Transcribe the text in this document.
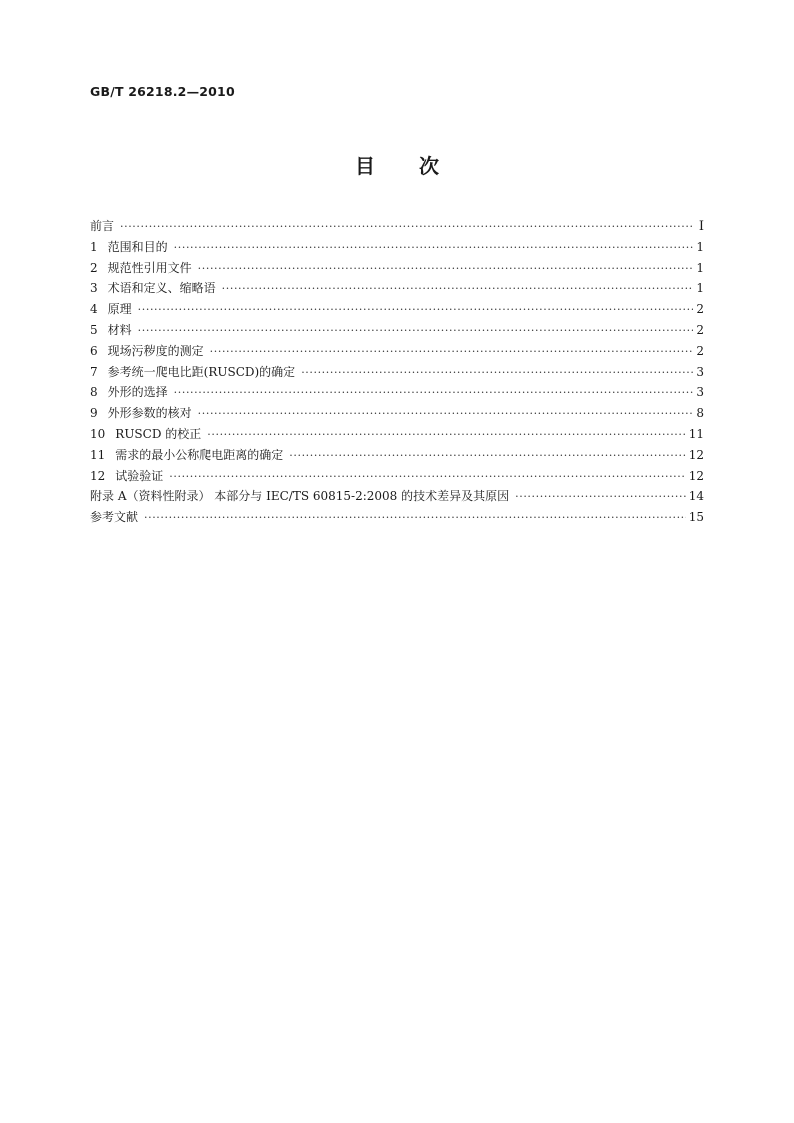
GB/T 26218.2—2010
目 次
前言 ·····	Ⅰ
1 范围和目的 ·····	1
2 规范性引用文件 ·····	1
3 术语和定义、缩略语 ·····	1
4 原理 ·····	2
5 材料 ·····	2
6 现场污秽度的测定 ·····	2
7 参考统一爬电比距(RUSCD)的确定 ·····	3
8 外形的选择 ·····	3
9 外形参数的核对 ·····	8
10 RUSCD 的校正 ·····	11
11 需求的最小公称爬电距离的确定 ·····	12
12 试验验证 ·····	12
附录 A（资料性附录） 本部分与 IEC/TS 60815-2:2008 的技术差异及其原因 ·····	14
参考文献 ·····	15
